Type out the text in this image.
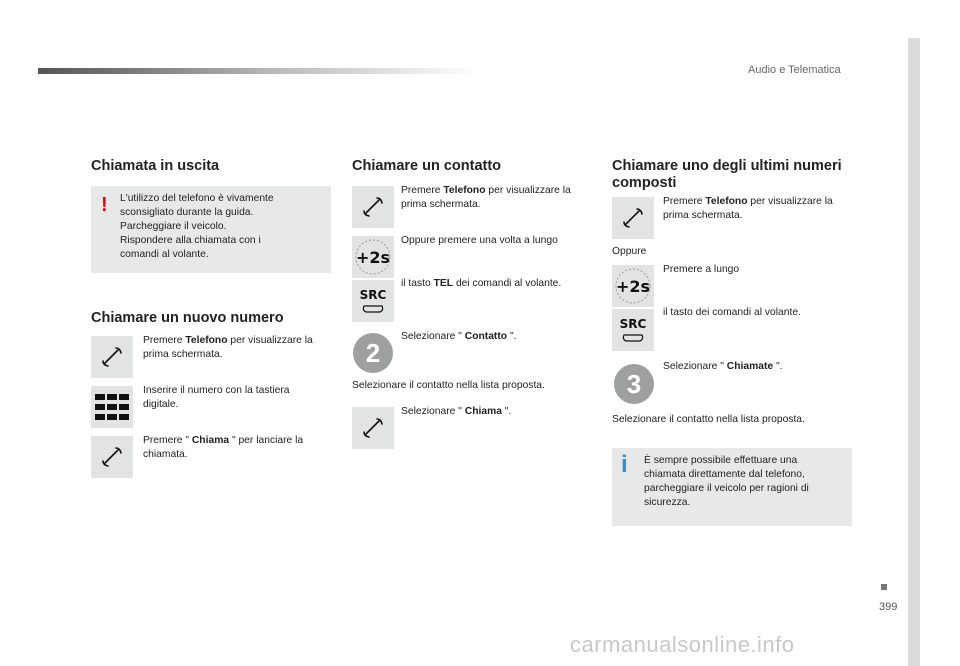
Audio e Telematica
Chiamata in uscita
! L'utilizzo del telefono è vivamente
sconsigliato durante la guida.
Parcheggiare il veicolo.
Rispondere alla chiamata con i
comandi al volante.
Chiamare un nuovo numero
Premere Telefono per visualizzare la
prima schermata.
Inserire il numero con la tastiera
digitale.
Premere " Chiama " per lanciare la
chiamata.
Chiamare un contatto
Premere Telefono per visualizzare la
prima schermata.
+2s
Oppure premere una volta a lungo
SRC
il tasto TEL dei comandi al volante.
2
Selezionare " Contatto ".
Selezionare il contatto nella lista proposta.
Selezionare " Chiama ".
Chiamare uno degli ultimi numeri
composti
Premere Telefono per visualizzare la
prima schermata.
Oppure
+2s
Premere a lungo
SRC
il tasto dei comandi al volante.
3
Selezionare " Chiamate ".
Selezionare il contatto nella lista proposta.
i È sempre possibile effettuare una
chiamata direttamente dal telefono,
parcheggiare il veicolo per ragioni di
sicurezza.
399
carmanualsonline.info
